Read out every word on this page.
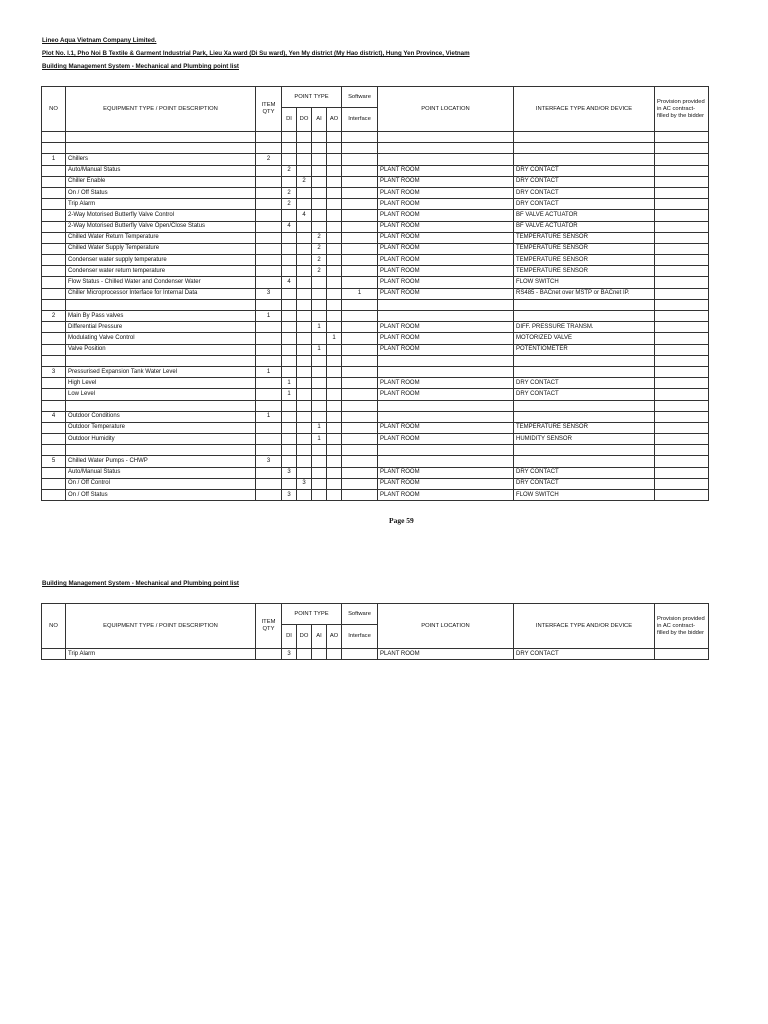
Lineo Aqua Vietnam Company Limited.
Plot No. I.1, Pho Noi B Textile & Garment Industrial Park, Lieu Xa ward (Di Su ward), Yen My district (My Hao district), Hung Yen Province, Vietnam
Building Management System - Mechanical and Plumbing point list
NO	EQUIPMENT TYPE / POINT DESCRIPTION	ITEM QTY	POINT TYPE				Software	POINT LOCATION	INTERFACE TYPE AND/OR DEVICE	Provision provided in AC contract- filled by the bidder
			DI	DO	AI	AO	Interface			

1	Chillers	2								
	Auto/Manual Status		2					PLANT ROOM	DRY CONTACT	
	Chiller Enable			2				PLANT ROOM	DRY CONTACT	
	On / Off Status		2					PLANT ROOM	DRY CONTACT	
	Trip Alarm		2					PLANT ROOM	DRY CONTACT	
	2-Way Motorised Butterfly Valve Control			4				PLANT ROOM	BF VALVE ACTUATOR	
	2-Way Motorised Butterfly Valve Open/Close Status		4					PLANT ROOM	BF VALVE ACTUATOR	
	Chilled Water Return Temperature				2			PLANT ROOM	TEMPERATURE SENSOR	
	Chilled Water Supply Temperature				2			PLANT ROOM	TEMPERATURE SENSOR	
	Condenser water supply temperature				2			PLANT ROOM	TEMPERATURE SENSOR	
	Condenser water return temperature				2			PLANT ROOM	TEMPERATURE SENSOR	
	Flow Status - Chilled Water and Condenser Water		4					PLANT ROOM	FLOW SWITCH	
	Chiller Microprocessor Interface for Internal Data	3					1	PLANT ROOM	RS485 - BACnet over MSTP or BACnet IP.	

2	Main By Pass valves	1								
	Differential Pressure				1			PLANT ROOM	DIFF. PRESSURE TRANSM.	
	Modulating Valve Control					1		PLANT ROOM	MOTORIZED VALVE	
	Valve Position				1			PLANT ROOM	POTENTIOMETER	

3	Pressurised Expansion Tank Water Level	1								
	High Level		1					PLANT ROOM	DRY CONTACT	
	Low Level		1					PLANT ROOM	DRY CONTACT	

4	Outdoor Conditions	1								
	Outdoor Temperature				1			PLANT ROOM	TEMPERATURE SENSOR	
	Outdoor Humidity				1			PLANT ROOM	HUMIDITY SENSOR	

5	Chilled Water Pumps - CHWP	3								
	Auto/Manual Status		3					PLANT ROOM	DRY CONTACT	
	On / Off Control			3				PLANT ROOM	DRY CONTACT	
	On / Off Status		3					PLANT ROOM	FLOW SWITCH	
Page 59
Building Management System - Mechanical and Plumbing point list
NO	EQUIPMENT TYPE / POINT DESCRIPTION	ITEM QTY	POINT TYPE				Software	POINT LOCATION	INTERFACE TYPE AND/OR DEVICE	Provision provided in AC contract- filled by the bidder
			DI	DO	AI	AO	Interface			
	Trip Alarm		3					PLANT ROOM	DRY CONTACT	
